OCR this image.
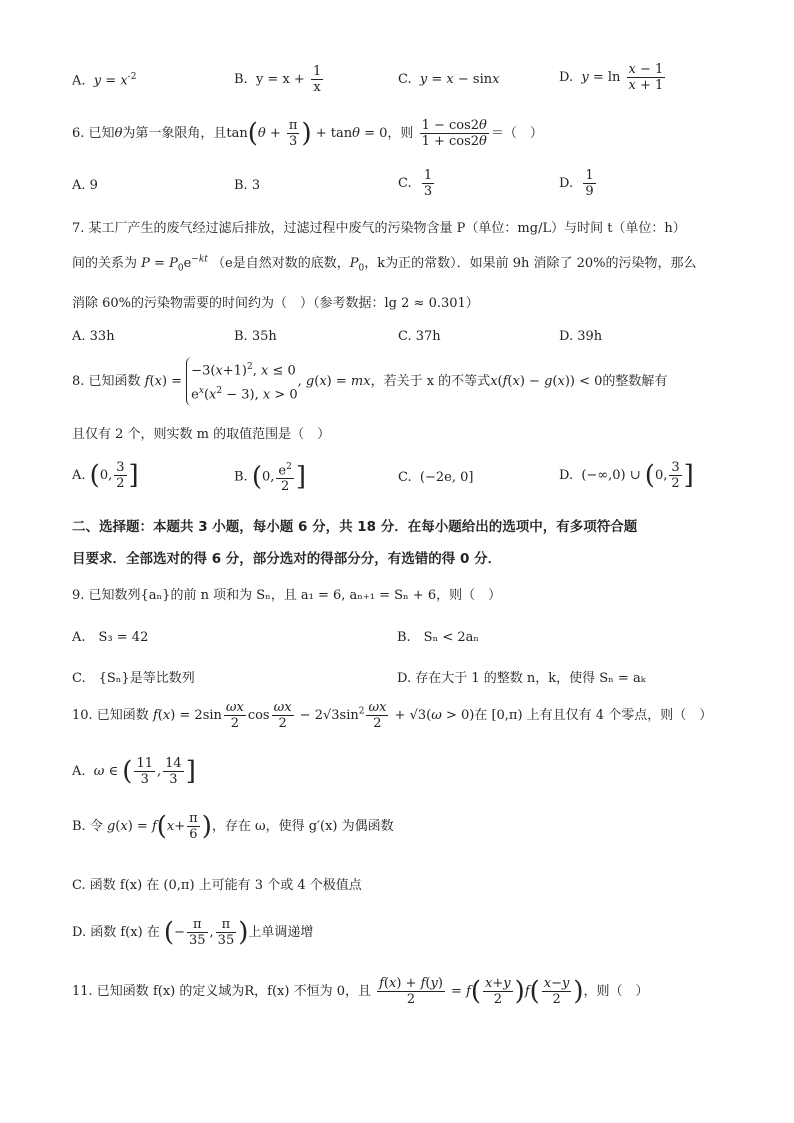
A. $y = x^{-2}$	B.  $y = x + \frac{1}{x}$	C. y = x − sinx	D. $y = \ln \frac{x - 1}{x + 1}$
6. 已知θ为第一象限角，且$\tan(\theta + \frac{\pi}{3}$ ) + tanθ = 0，则 $\frac{1 - \cos 2\theta}{1 + \cos 2\theta}$ ＝（　）
A. 9	B. 3	C. $\frac{1}{3}$	D. $\frac{1}{9}$
7. 某工厂产生的废气经过滤后排放，过滤过程中废气的污染物含量 P（单位：mg/L）与时间 t（单位：h）
间的关系为 $P = P_0e^{-kt}$ （e是自然对数的底数，$P_0$，k为正的常数）．如果前 9h 消除了 20%的污染物，那么
消除 60%的污染物需要的时间约为（　）（参考数据：lg 2 ≈ 0.301）
A. 33h	B. 35h	C. 37h	D. 39h
8. 已知函数 $f(x) = -3(x+1)^2$, x ≤ 0
$e^x(x^2 - 3)$, x > 0, g(x) = mx，若关于 x 的不等式x(f(x) − g(x)) < 0的整数解有
且仅有 2 个，则实数 m 的取值范围是（　）
A. (0, $\frac{3}{2}$ ]	B. (0, $\frac{e^2}{2}$ ]	C.  (−2e, 0]	D.  (−∞,0) ∪ (0, $\frac{3}{2}$ ]
二、选择题：本题共 3 小题，每小题 6 分，共 18 分．在每小题给出的选项中，有多项符合题
目要求．全部选对的得 6 分，部分选对的得部分分，有选错的得 0 分．
9. 已知数列{aₙ}的前 n 项和为 Sₙ，且 a₁ = 6, aₙ₊₁ = Sₙ + 6，则（　）
A.　S₃ = 42	B.　Sₙ < 2aₙ
C.　{Sₙ}是等比数列	D. 存在大于 1 的整数 n，k，使得 Sₙ = aₖ
10. 已知函数 $f(x) = 2\sin \frac{\omega x}{2}$ $\cos \frac{\omega x}{2} - 2√3\sin^2 \frac{\omega x}{2} + √3(\omega > 0)$在 [0,π) 上有且仅有 4 个零点，则（　）
A. ω ∈ ( $\frac{11}{3}$ , $\frac{14}{3}$ ]
B. 令 $g(x) = f(x+ \frac{\pi}{6}$ )，存在 ω，使得 g′(x) 为偶函数
C. 函数 f(x) 在 (0,π) 上可能有 3 个或 4 个极值点
D. 函数 f(x) 在 (− $\frac{\pi}{35}$ , $\frac{\pi}{35}$ )上单调递增
11. 已知函数 f(x) 的定义域为R，f(x) 不恒为 0，且 $\frac{f(x) + f(y)}{2} = f( \frac{x+y}{2} )f( \frac{x-y}{2}$ )，则（　）
